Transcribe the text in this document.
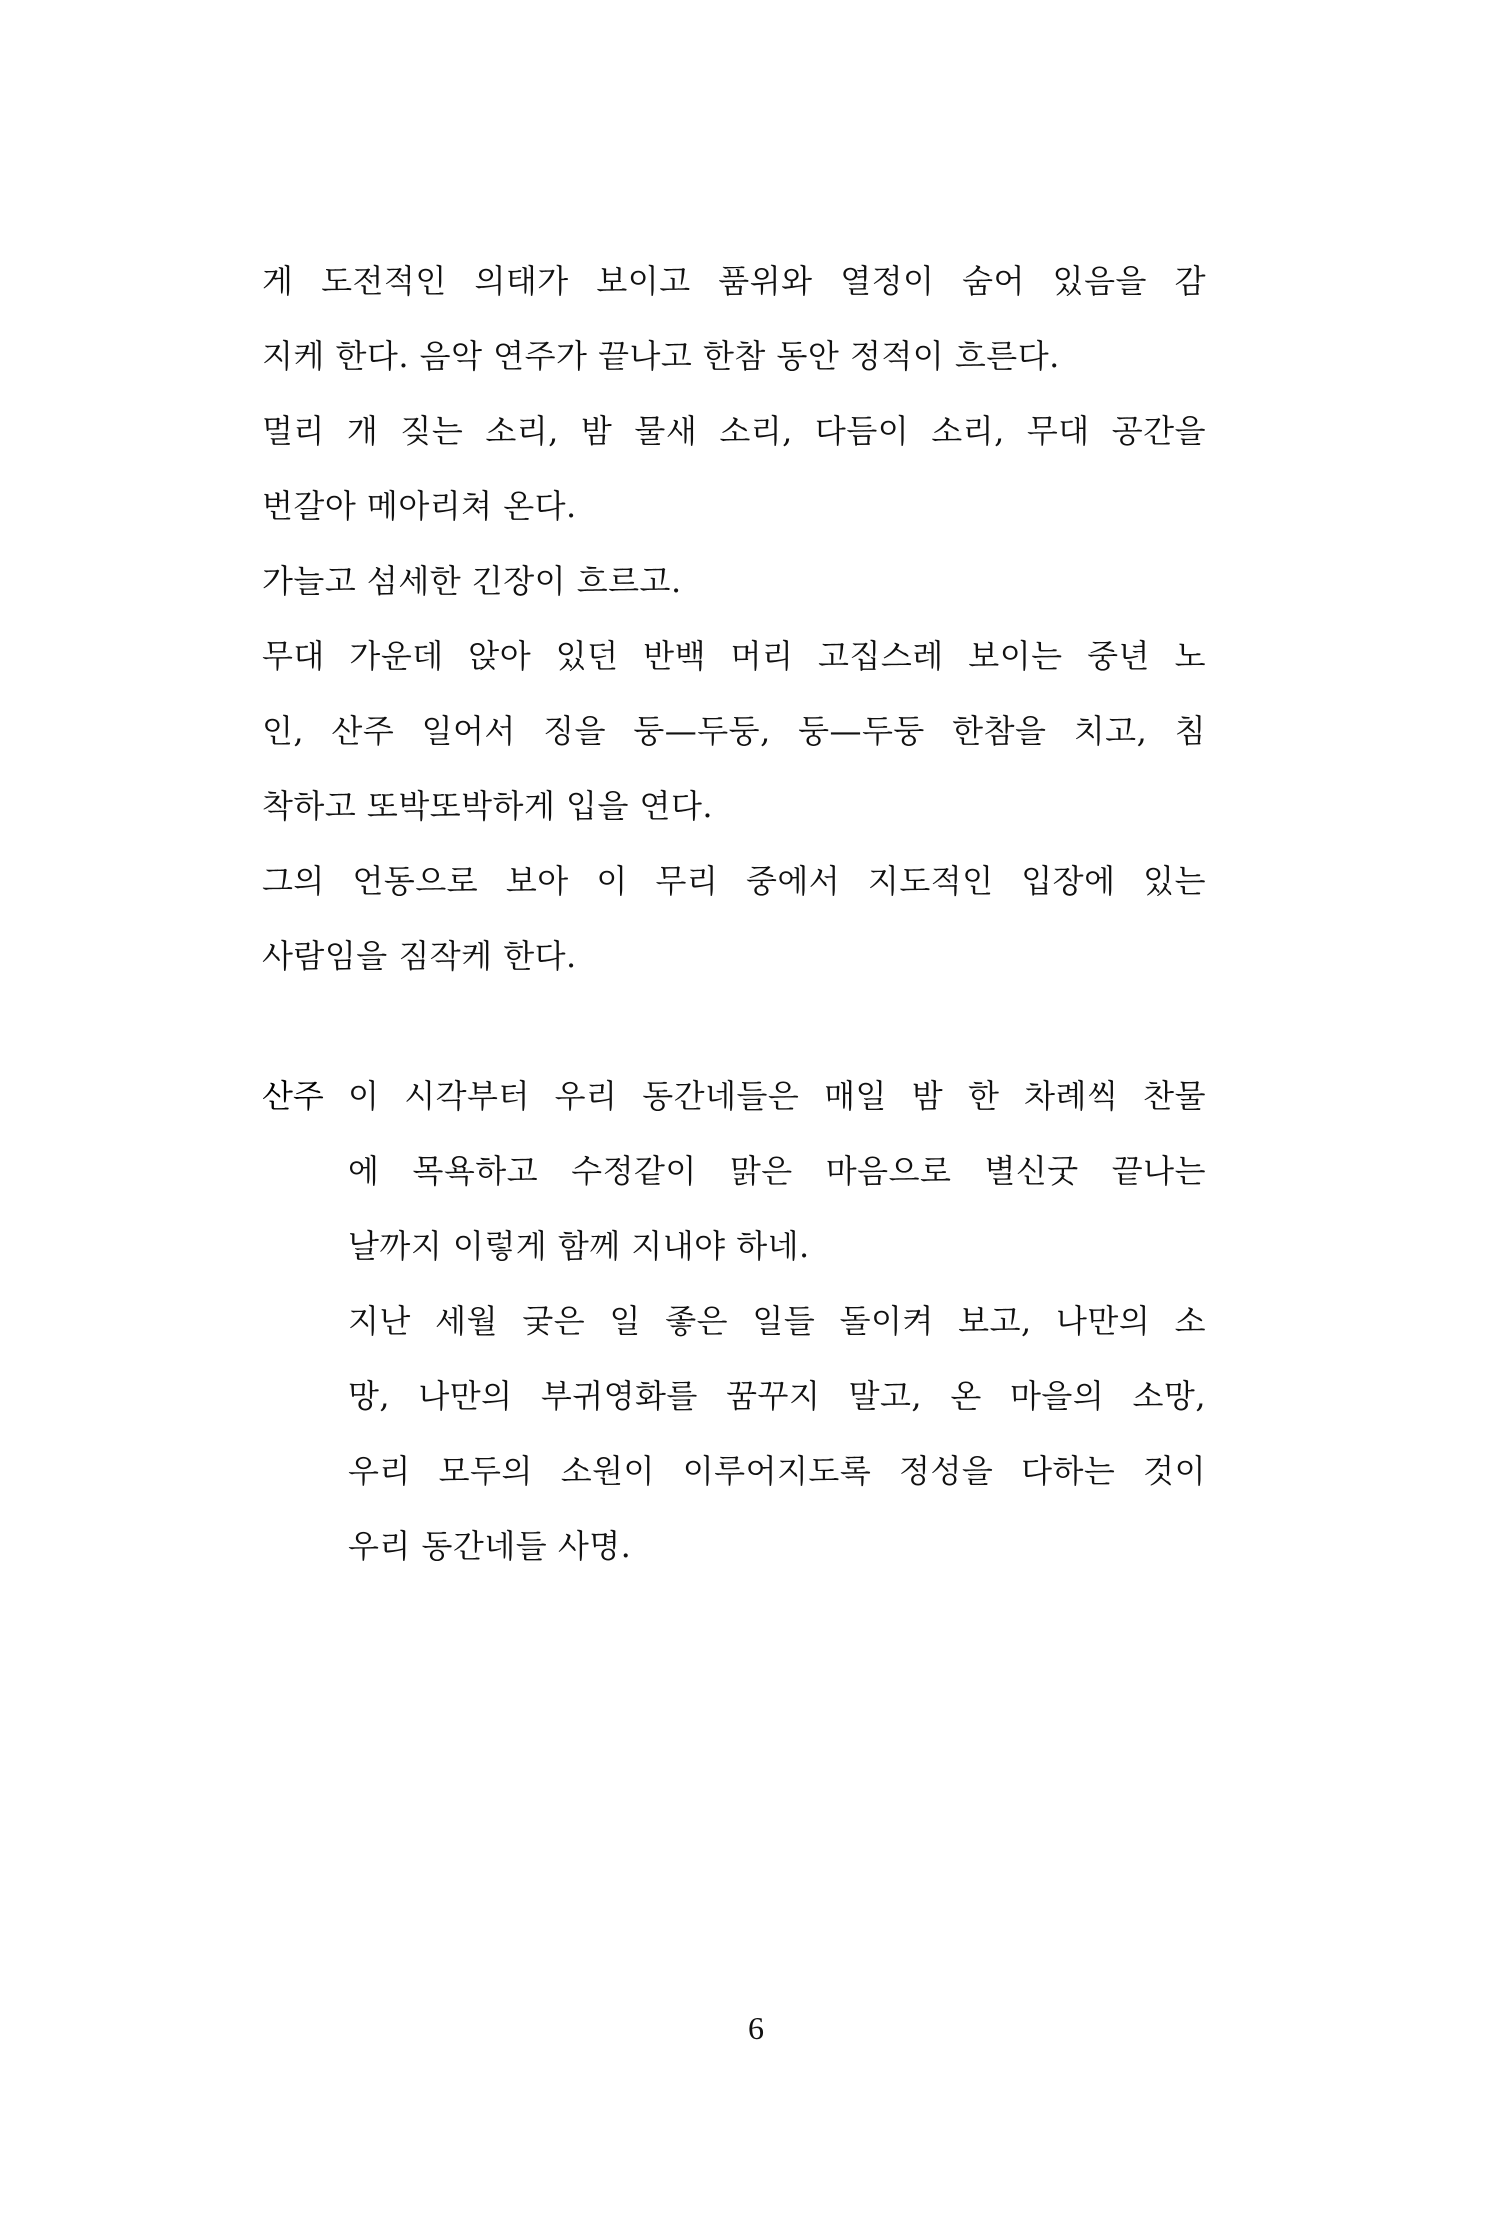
게 도전적인 의태가 보이고 품위와 열정이 숨어 있음을 감
지케 한다. 음악 연주가 끝나고 한참 동안 정적이 흐른다.
멀리 개 짖는 소리, 밤 물새 소리, 다듬이 소리, 무대 공간을
번갈아 메아리쳐 온다.
가늘고 섬세한 긴장이 흐르고.
무대 가운데 앉아 있던 반백 머리 고집스레 보이는 중년 노
인, 산주 일어서 징을 둥—두둥, 둥—두둥 한참을 치고, 침
착하고 또박또박하게 입을 연다.
그의 언동으로 보아 이 무리 중에서 지도적인 입장에 있는
사람임을 짐작케 한다.
산주 이 시각부터 우리 동간네들은 매일 밤 한 차례씩 찬물
에 목욕하고 수정같이 맑은 마음으로 별신굿 끝나는
날까지 이렇게 함께 지내야 하네.
지난 세월 궂은 일 좋은 일들 돌이켜 보고, 나만의 소
망, 나만의 부귀영화를 꿈꾸지 말고, 온 마을의 소망,
우리 모두의 소원이 이루어지도록 정성을 다하는 것이
우리 동간네들 사명.
6
